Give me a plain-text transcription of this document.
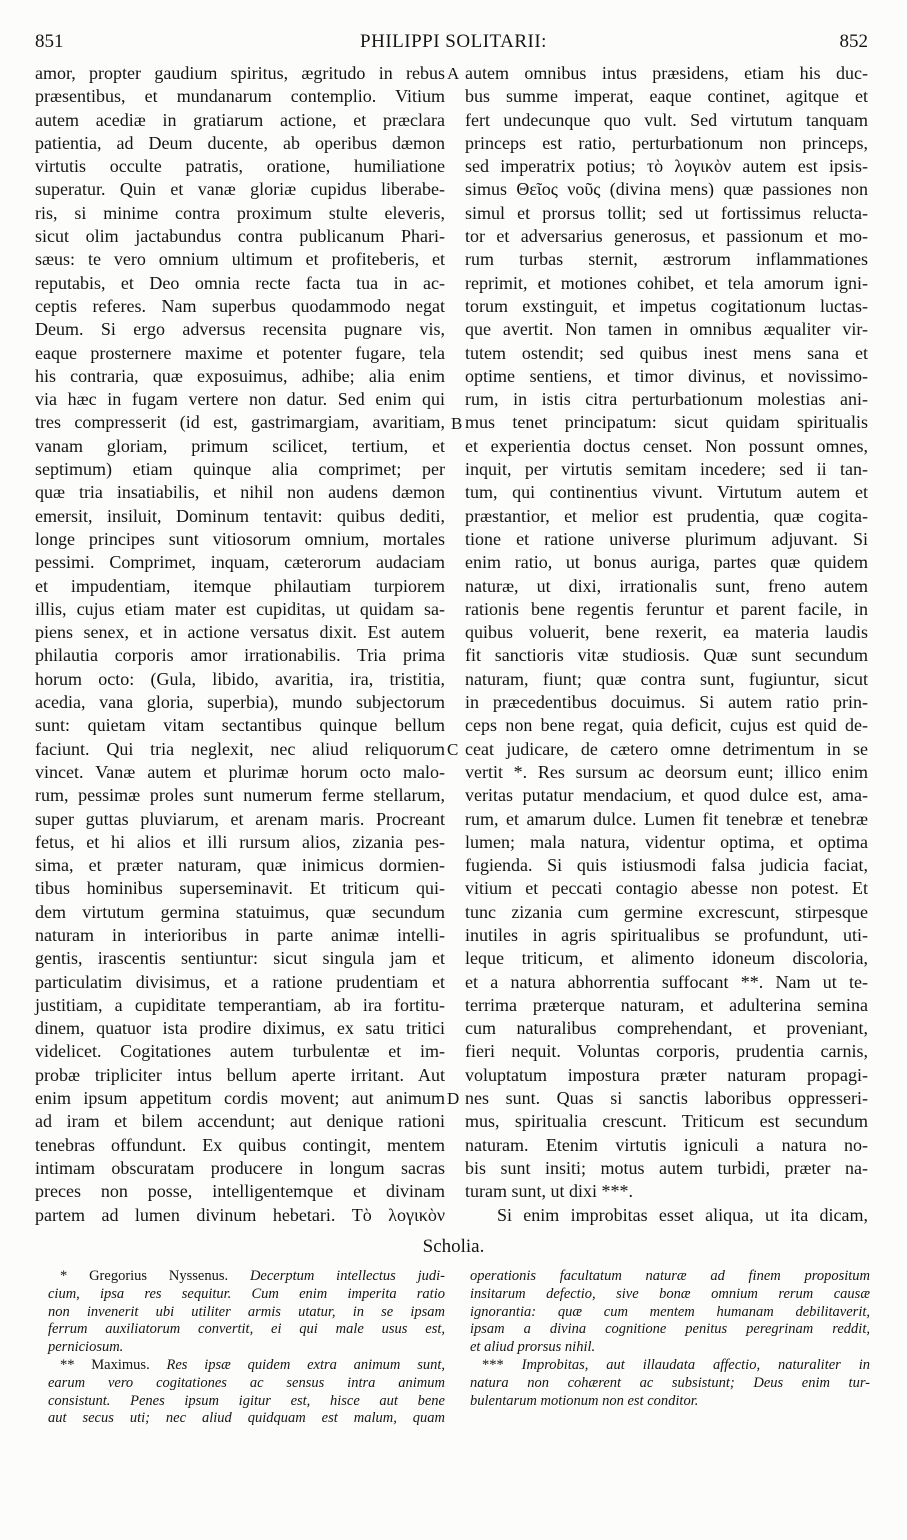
851	PHILIPPI SOLITARII:	852
A
B
C
D
amor, propter gaudium spiritus, ægritudo in rebus
præsentibus, et mundanarum contemplio. Vitium
autem acediæ in gratiarum actione, et præclara
patientia, ad Deum ducente, ab operibus dæmon
virtutis occulte patratis, oratione, humiliatione
superatur. Quin et vanæ gloriæ cupidus liberabe-
ris, si minime contra proximum stulte eleveris,
sicut olim jactabundus contra publicanum Phari-
sæus: te vero omnium ultimum et profiteberis, et
reputabis, et Deo omnia recte facta tua in ac-
ceptis referes. Nam superbus quodammodo negat
Deum. Si ergo adversus recensita pugnare vis,
eaque prosternere maxime et potenter fugare, tela
his contraria, quæ exposuimus, adhibe; alia enim
via hæc in fugam vertere non datur. Sed enim qui
tres compresserit (id est, gastrimargiam, avaritiam,
vanam gloriam, primum scilicet, tertium, et
septimum) etiam quinque alia comprimet; per
quæ tria insatiabilis, et nihil non audens dæmon
emersit, insiluit, Dominum tentavit: quibus dediti,
longe principes sunt vitiosorum omnium, mortales
pessimi. Comprimet, inquam, cæterorum audaciam
et impudentiam, itemque philautiam turpiorem
illis, cujus etiam mater est cupiditas, ut quidam sa-
piens senex, et in actione versatus dixit. Est autem
philautia corporis amor irrationabilis. Tria prima
horum octo: (Gula, libido, avaritia, ira, tristitia,
acedia, vana gloria, superbia), mundo subjectorum
sunt: quietam vitam sectantibus quinque bellum
faciunt. Qui tria neglexit, nec aliud reliquorum
vincet. Vanæ autem et plurimæ horum octo malo-
rum, pessimæ proles sunt numerum ferme stellarum,
super guttas pluviarum, et arenam maris. Procreant
fetus, et hi alios et illi rursum alios, zizania pes-
sima, et præter naturam, quæ inimicus dormien-
tibus hominibus superseminavit. Et triticum qui-
dem virtutum germina statuimus, quæ secundum
naturam in interioribus in parte animæ intelli-
gentis, irascentis sentiuntur: sicut singula jam et
particulatim divisimus, et a ratione prudentiam et
justitiam, a cupiditate temperantiam, ab ira fortitu-
dinem, quatuor ista prodire diximus, ex satu tritici
videlicet. Cogitationes autem turbulentæ et im-
probæ tripliciter intus bellum aperte irritant. Aut
enim ipsum appetitum cordis movent; aut animum
ad iram et bilem accendunt; aut denique rationi
tenebras offundunt. Ex quibus contingit, mentem
intimam obscuratam producere in longum sacras
preces non posse, intelligentemque et divinam
partem ad lumen divinum hebetari. Τὸ λογικὸν
autem omnibus intus præsidens, etiam his duc-
bus summe imperat, eaque continet, agitque et
fert undecunque quo vult. Sed virtutum tanquam
princeps est ratio, perturbationum non princeps,
sed imperatrix potius; τὸ λογικὸν autem est ipsis-
simus Θεῖος νοῦς (divina mens) quæ passiones non
simul et prorsus tollit; sed ut fortissimus relucta-
tor et adversarius generosus, et passionum et mo-
rum turbas sternit, æstrorum inflammationes
reprimit, et motiones cohibet, et tela amorum igni-
torum exstinguit, et impetus cogitationum luctas-
que avertit. Non tamen in omnibus æqualiter vir-
tutem ostendit; sed quibus inest mens sana et
optime sentiens, et timor divinus, et novissimo-
rum, in istis citra perturbationum molestias ani-
mus tenet principatum: sicut quidam spiritualis
et experientia doctus censet. Non possunt omnes,
inquit, per virtutis semitam incedere; sed ii tan-
tum, qui continentius vivunt. Virtutum autem et
præstantior, et melior est prudentia, quæ cogita-
tione et ratione universe plurimum adjuvant. Si
enim ratio, ut bonus auriga, partes quæ quidem
naturæ, ut dixi, irrationalis sunt, freno autem
rationis bene regentis feruntur et parent facile, in
quibus voluerit, bene rexerit, ea materia laudis
fit sanctioris vitæ studiosis. Quæ sunt secundum
naturam, fiunt; quæ contra sunt, fugiuntur, sicut
in præcedentibus docuimus. Si autem ratio prin-
ceps non bene regat, quia deficit, cujus est quid de-
ceat judicare, de cætero omne detrimentum in se
vertit *. Res sursum ac deorsum eunt; illico enim
veritas putatur mendacium, et quod dulce est, ama-
rum, et amarum dulce. Lumen fit tenebræ et tenebræ
lumen; mala natura, videntur optima, et optima
fugienda. Si quis istiusmodi falsa judicia faciat,
vitium et peccati contagio abesse non potest. Et
tunc zizania cum germine excrescunt, stirpesque
inutiles in agris spiritualibus se profundunt, uti-
leque triticum, et alimento idoneum discoloria,
et a natura abhorrentia suffocant **. Nam ut te-
terrima præterque naturam, et adulterina semina
cum naturalibus comprehendant, et proveniant,
fieri nequit. Voluntas corporis, prudentia carnis,
voluptatum impostura præter naturam propagi-
nes sunt. Quas si sanctis laboribus oppresseri-
mus, spiritualia crescunt. Triticum est secundum
naturam. Etenim virtutis igniculi a natura no-
bis sunt insiti; motus autem turbidi, præter na-
turam sunt, ut dixi ***.
Si enim improbitas esset aliqua, ut ita dicam,
Scholia.
* Gregorius Nyssenus. Decerptum intellectus judi-
cium, ipsa res sequitur. Cum enim imperita ratio
non invenerit ubi utiliter armis utatur, in se ipsam
ferrum auxiliatorum convertit, ei qui male usus est,
perniciosum.
** Maximus. Res ipsæ quidem extra animum sunt,
earum vero cogitationes ac sensus intra animum
consistunt. Penes ipsum igitur est, hisce aut bene
aut secus uti; nec aliud quidquam est malum, quam
operationis facultatum naturæ ad finem propositum
insitarum defectio, sive bonæ omnium rerum causæ
ignorantia: quæ cum mentem humanam debilitaverit,
ipsam a divina cognitione penitus peregrinam reddit,
et aliud prorsus nihil.
*** Improbitas, aut illaudata affectio, naturaliter in
natura non cohærent ac subsistunt; Deus enim tur-
bulentarum motionum non est conditor.
